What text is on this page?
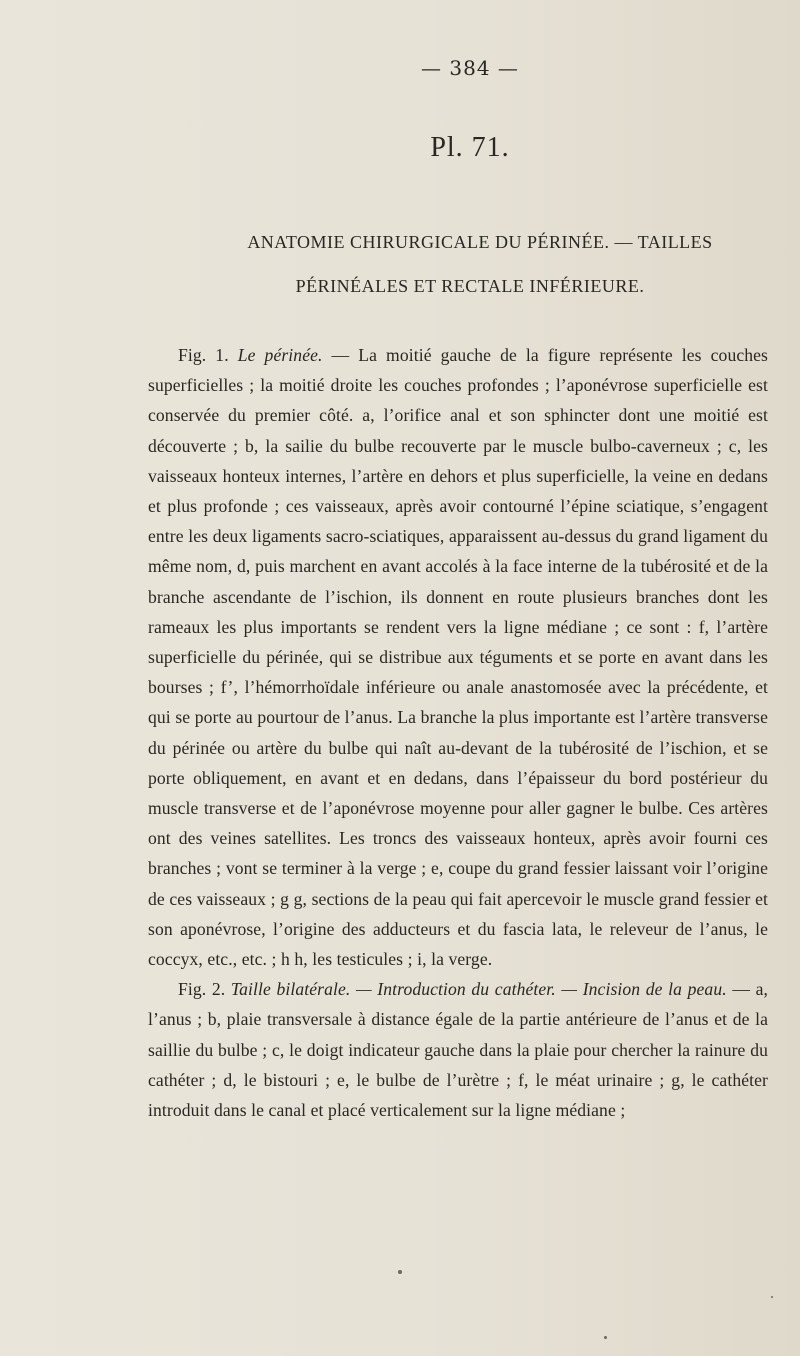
— 384 —
Pl. 71.
ANATOMIE CHIRURGICALE DU PÉRINÉE. — TAILLES
PÉRINÉALES ET RECTALE INFÉRIEURE.

Fig. 1. Le périnée. — La moitié gauche de la figure représente les couches superficielles ; la moitié droite les couches profondes ; l’aponévrose superficielle est conservée du premier côté. a, l’orifice anal et son sphincter dont une moitié est découverte ; b, la sailie du bulbe recouverte par le muscle bulbo-caverneux ; c, les vaisseaux honteux internes, l’artère en dehors et plus superficielle, la veine en dedans et plus profonde ; ces vaisseaux, après avoir contourné l’épine sciatique, s’engagent entre les deux ligaments sacro-sciatiques, apparaissent au-dessus du grand ligament du même nom, d, puis marchent en avant accolés à la face interne de la tubérosité et de la branche ascendante de l’ischion, ils donnent en route plusieurs branches dont les rameaux les plus importants se rendent vers la ligne médiane ; ce sont : f, l’artère superficielle du périnée, qui se distribue aux téguments et se porte en avant dans les bourses ; f’, l’hémorrhoïdale inférieure ou anale anastomosée avec la précédente, et qui se porte au pourtour de l’anus. La branche la plus importante est l’artère transverse du périnée ou artère du bulbe qui naît au-devant de la tubérosité de l’ischion, et se porte obliquement, en avant et en dedans, dans l’épaisseur du bord postérieur du muscle transverse et de l’aponévrose moyenne pour aller gagner le bulbe. Ces artères ont des veines satellites. Les troncs des vaisseaux honteux, après avoir fourni ces branches ; vont se terminer à la verge ; e, coupe du grand fessier laissant voir l’origine de ces vaisseaux ; g g, sections de la peau qui fait apercevoir le muscle grand fessier et son aponévrose, l’origine des adducteurs et du fascia lata, le releveur de l’anus, le coccyx, etc., etc. ; h h, les testicules ; i, la verge.

Fig. 2. Taille bilatérale. — Introduction du cathéter. — Incision de la peau. — a, l’anus ; b, plaie transversale à distance égale de la partie antérieure de l’anus et de la saillie du bulbe ; c, le doigt indicateur gauche dans la plaie pour chercher la rainure du cathéter ; d, le bistouri ; e, le bulbe de l’urètre ; f, le méat urinaire ; g, le cathéter introduit dans le canal et placé verticalement sur la ligne médiane ;
